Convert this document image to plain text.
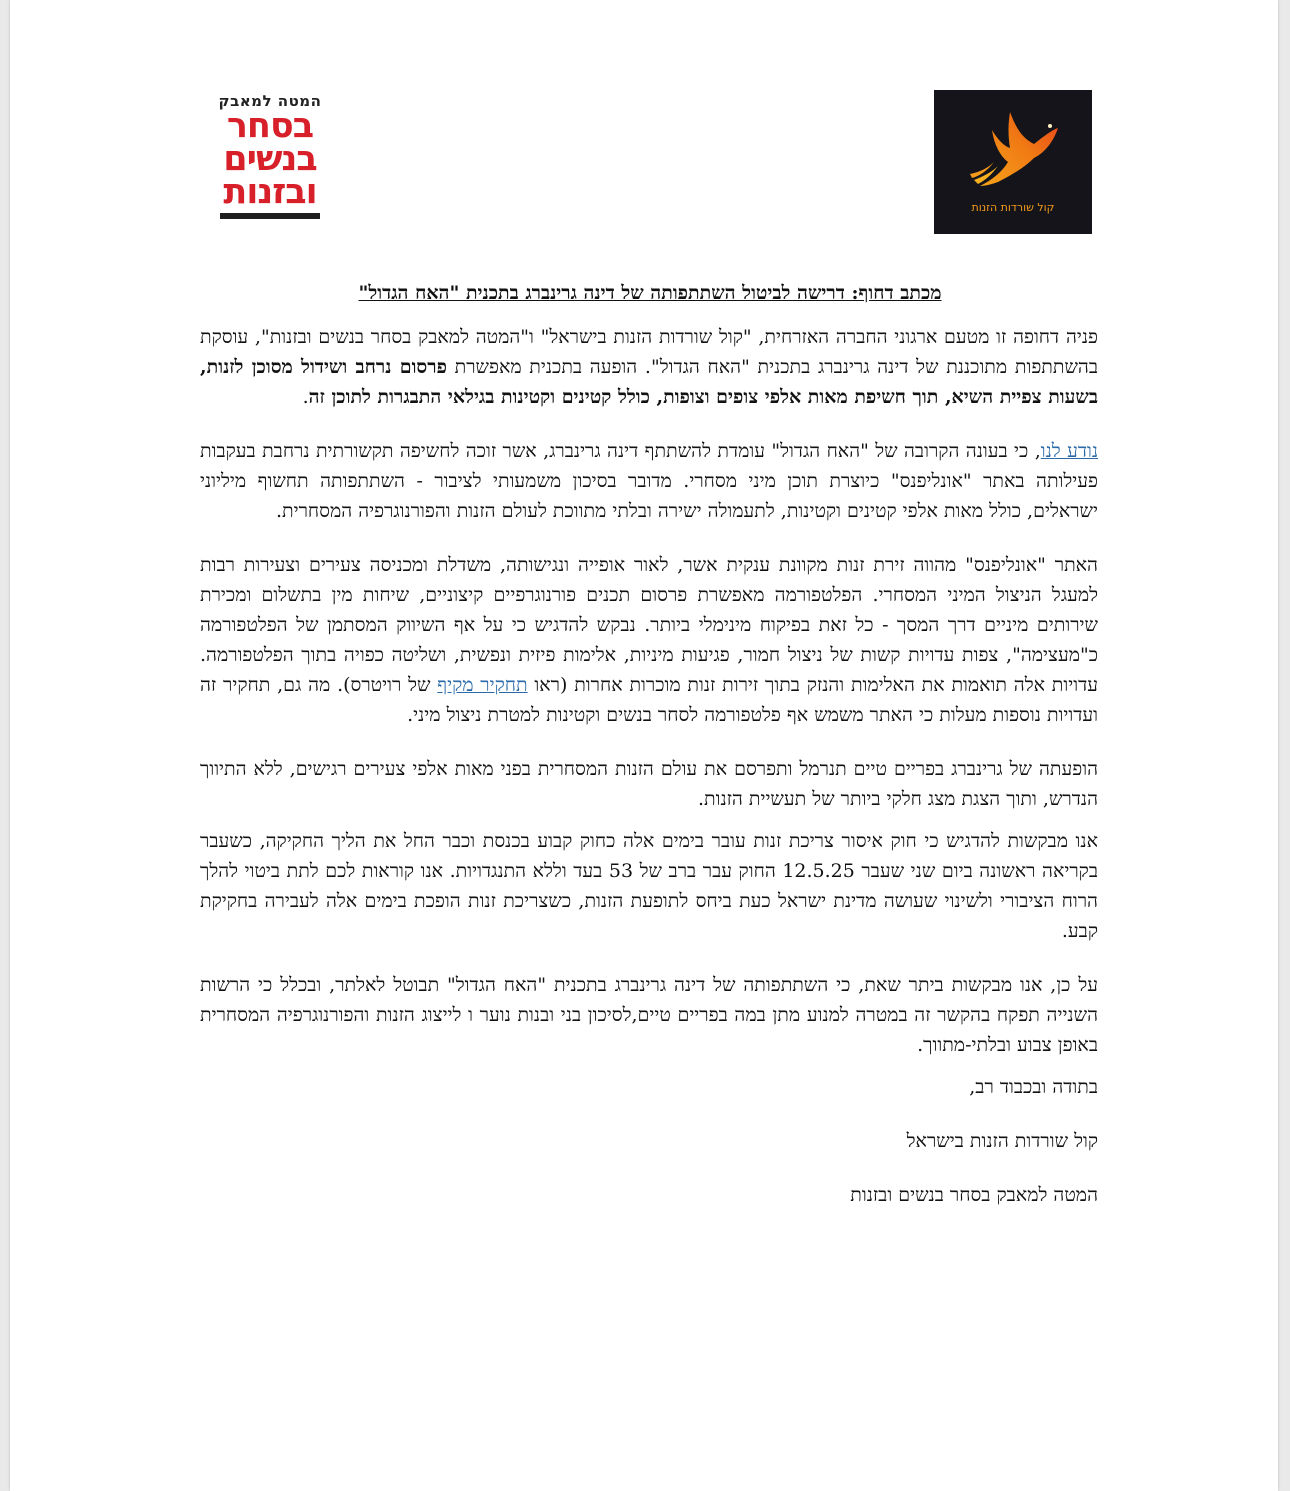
המטה למאבק
בסחר
בנשים
ובזנות	קול שורדות הזנות
מכתב דחוף: דרישה לביטול השתתפותה של דינה גרינברג בתכנית "האח הגדול"

פניה דחופה זו מטעם ארגוני החברה האזרחית, "קול שורדות הזנות בישראל" ו"המטה למאבק בסחר בנשים ובזנות", עוסקת בהשתתפות מתוכננת של דינה גרינברג בתכנית "האח הגדול". הופעה בתכנית מאפשרת פרסום נרחב ושידול מסוכן לזנות, בשעות צפיית השיא, תוך חשיפת מאות אלפי צופים וצופות, כולל קטינים וקטינות בגילאי התבגרות לתוכן זה.

נודע לנו, כי בעונה הקרובה של "האח הגדול" עומדת להשתתף דינה גרינברג, אשר זוכה לחשיפה תקשורתית נרחבת בעקבות פעילותה באתר "אונליפנס" כיוצרת תוכן מיני מסחרי. מדובר בסיכון משמעותי לציבור - השתתפותה תחשוף מיליוני ישראלים, כולל מאות אלפי קטינים וקטינות, לתעמולה ישירה ובלתי מתווכת לעולם הזנות והפורנוגרפיה המסחרית.

האתר "אונליפנס" מהווה זירת זנות מקוונת ענקית אשר, לאור אופייה ונגישותה, משדלת ומכניסה צעירים וצעירות רבות למעגל הניצול המיני המסחרי. הפלטפורמה מאפשרת פרסום תכנים פורנוגרפיים קיצוניים, שיחות מין בתשלום ומכירת שירותים מיניים דרך המסך - כל זאת בפיקוח מינימלי ביותר. נבקש להדגיש כי על אף השיווק המסתמן של הפלטפורמה כ"מעצימה", צפות עדויות קשות של ניצול חמור, פגיעות מיניות, אלימות פיזית ונפשית, ושליטה כפויה בתוך הפלטפורמה. עדויות אלה תואמות את האלימות והנזק בתוך זירות זנות מוכרות אחרות (ראו תחקיר מקיף של רויטרס). מה גם, תחקיר זה ועדויות נוספות מעלות כי האתר משמש אף פלטפורמה לסחר בנשים וקטינות למטרת ניצול מיני.

הופעתה של גרינברג בפריים טיים תנרמל ותפרסם את עולם הזנות המסחרית בפני מאות אלפי צעירים רגישים, ללא התיווך הנדרש, ותוך הצגת מצג חלקי ביותר של תעשיית הזנות.

אנו מבקשות להדגיש כי חוק איסור צריכת זנות עובר בימים אלה כחוק קבוע בכנסת וכבר החל את הליך החקיקה, כשעבר בקריאה ראשונה ביום שני שעבר 12.5.25 החוק עבר ברב של 53 בעד וללא התנגדויות. אנו קוראות לכם לתת ביטוי להלך הרוח הציבורי ולשינוי שעושה מדינת ישראל כעת ביחס לתופעת הזנות, כשצריכת זנות הופכת בימים אלה לעבירה בחקיקת קבע.

על כן, אנו מבקשות ביתר שאת, כי השתתפותה של דינה גרינברג בתכנית "האח הגדול" תבוטל לאלתר, ובכלל כי הרשות השנייה תפקח בהקשר זה במטרה למנוע מתן במה בפריים טיים,לסיכון בני ובנות נוער ו לייצוג הזנות והפורנוגרפיה המסחרית באופן צבוע ובלתי-מתווך.

בתודה ובכבוד רב,

קול שורדות הזנות בישראל

המטה למאבק בסחר בנשים ובזנות
